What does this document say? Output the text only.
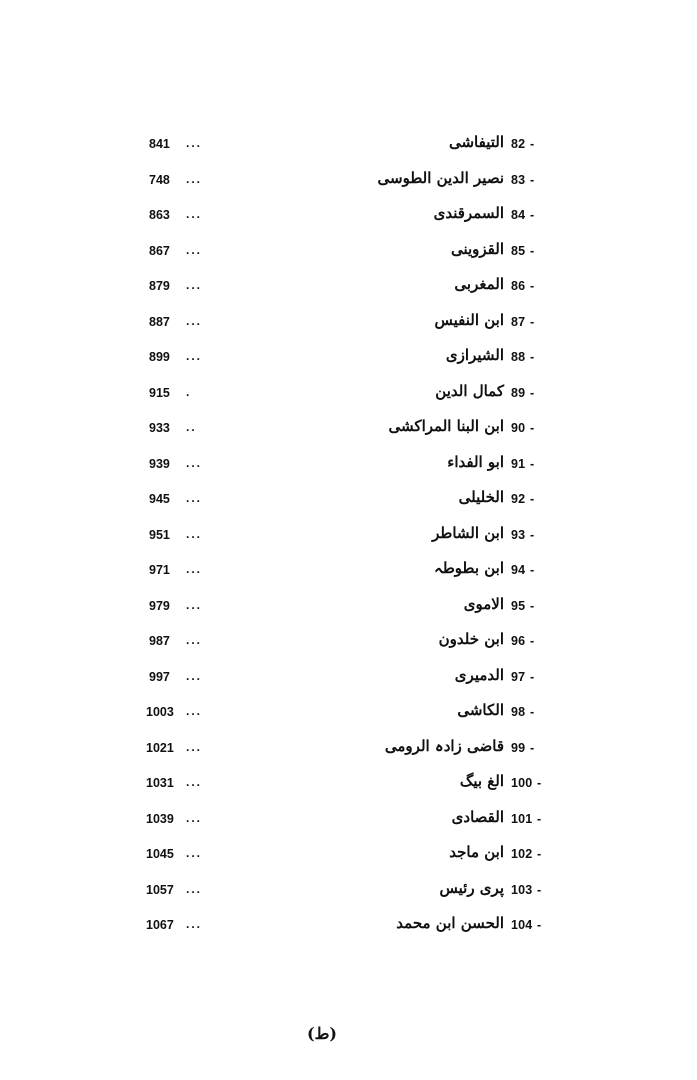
82 -
التیفاشی
...
841
83 -
نصیر الدین الطوسی
...
748
84 -
السمرقندی
...
863
85 -
القزوینی
...
867
86 -
المغربی
...
879
87 -
ابن النفیس
...
887
88 -
الشیرازی
...
899
89 -
کمال الدین
.
915
90 -
ابن البنا المراکشی
..
933
91 -
ابو الفداء
...
939
92 -
الخلیلی
...
945
93 -
ابن الشاطر
...
951
94 -
ابن بطوطہ
...
971
95 -
الاموی
...
979
96 -
ابن خلدون
...
987
97 -
الدمیری
...
997
98 -
الکاشی
...
1003
99 -
قاضی زادہ الرومی
...
1021
100 -
الغ بیگ
...
1031
101 -
القصادی
...
1039
102 -
ابن ماجد
...
1045
103 -
پری رئیس
...
1057
104 -
الحسن ابن محمد
...
1067
(ط)
